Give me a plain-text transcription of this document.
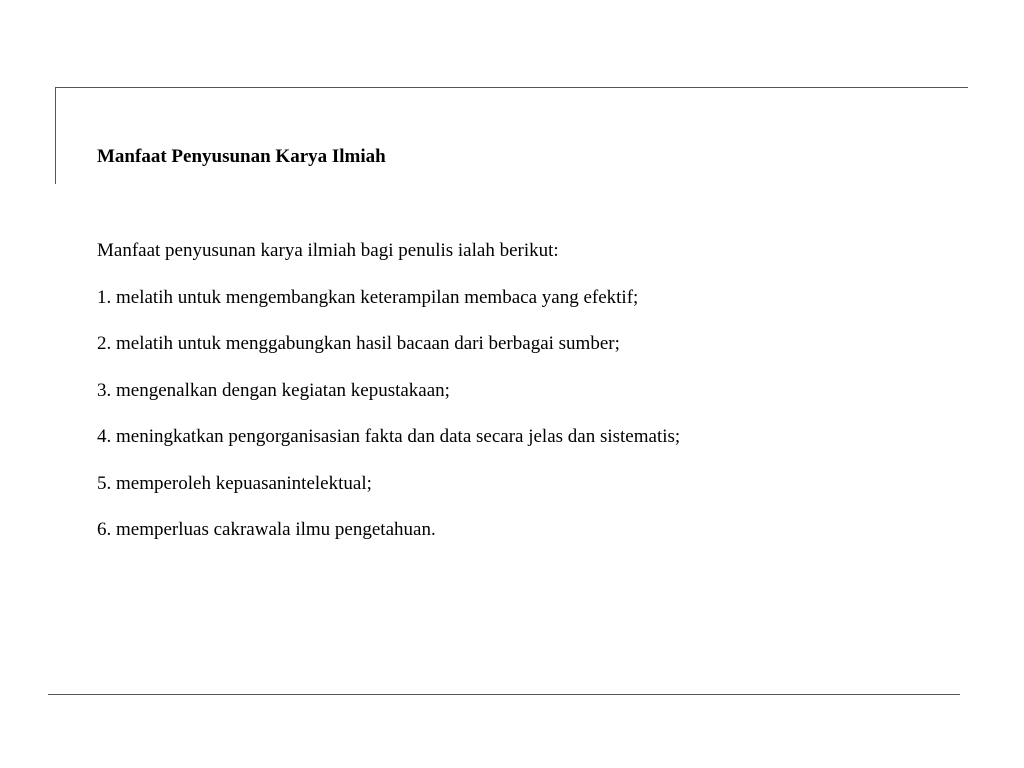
Manfaat Penyusunan Karya Ilmiah

Manfaat penyusunan karya ilmiah bagi penulis ialah berikut:

1. melatih untuk mengembangkan keterampilan membaca yang efektif;

2. melatih untuk menggabungkan hasil bacaan dari berbagai sumber;

3. mengenalkan dengan kegiatan kepustakaan;

4. meningkatkan pengorganisasian fakta dan data secara jelas dan sistematis;

5. memperoleh kepuasanintelektual;

6. memperluas cakrawala ilmu pengetahuan.
